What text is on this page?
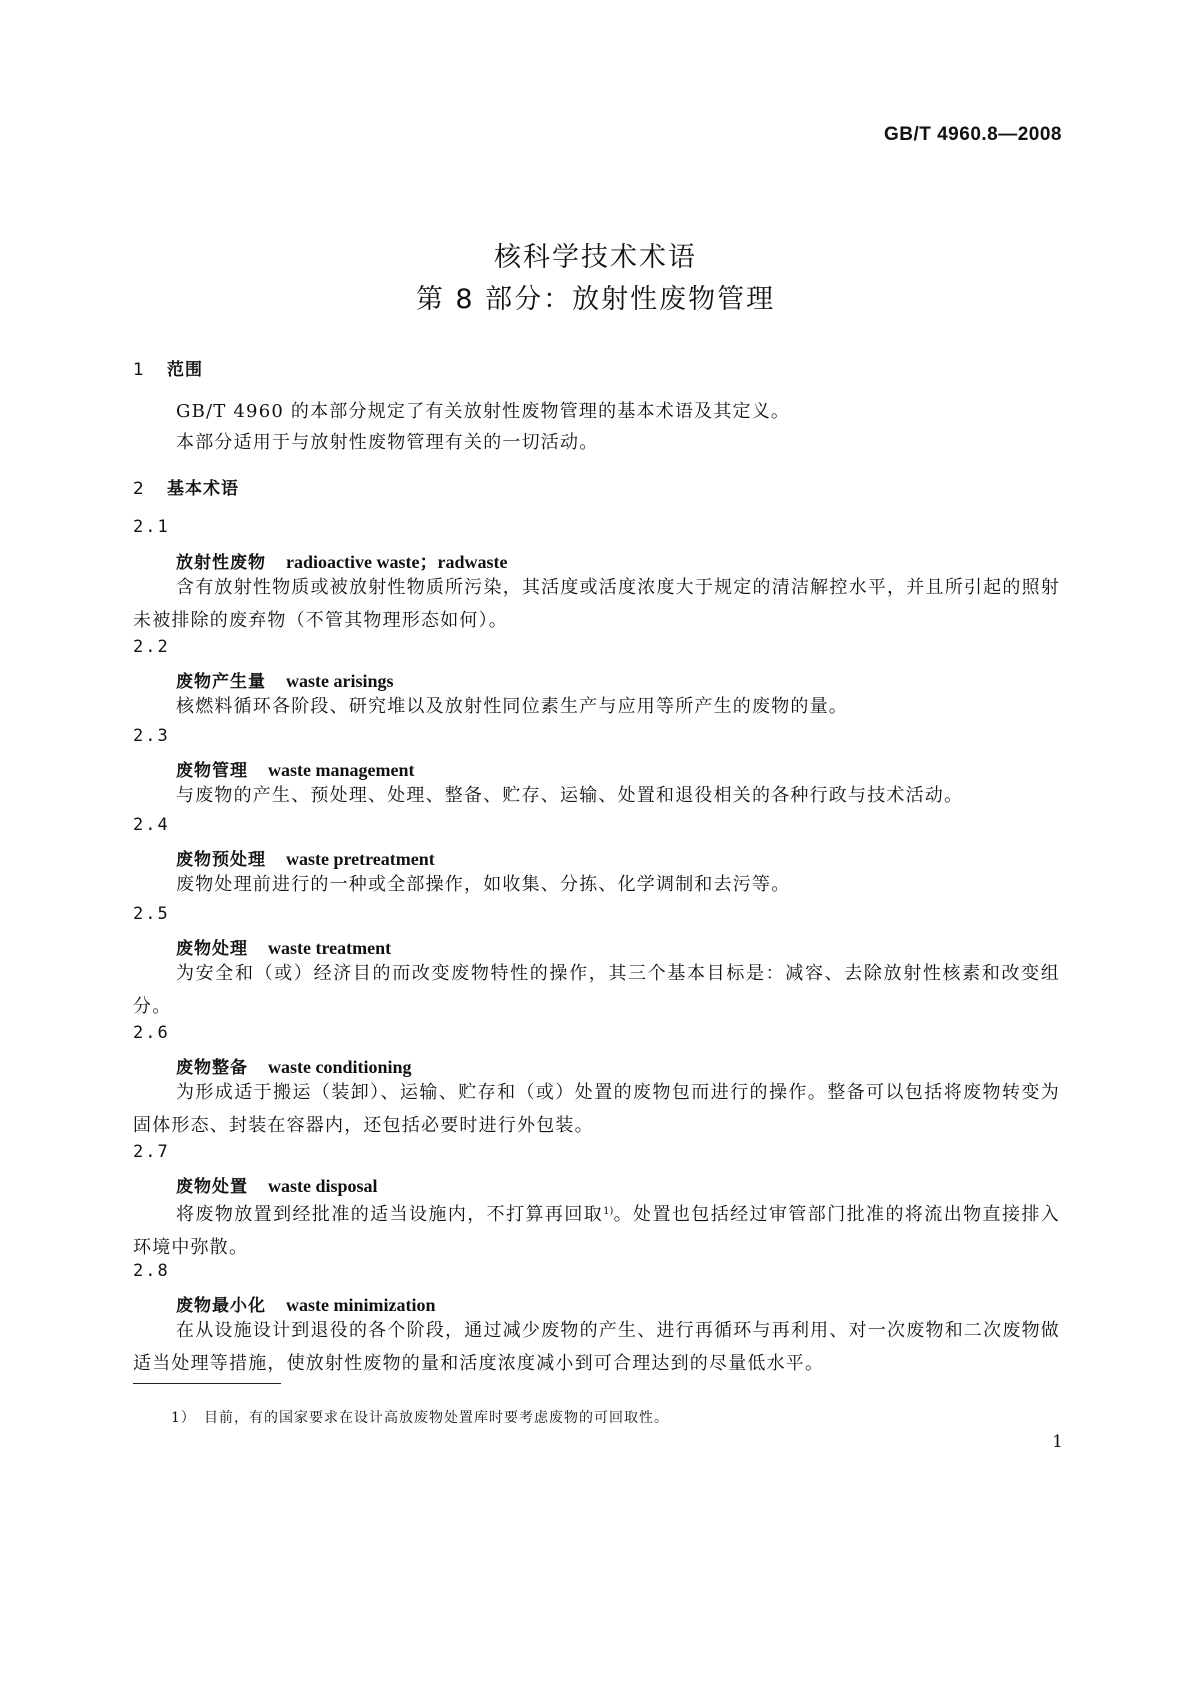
GB/T 4960.8—2008
核科学技术术语
第 8 部分：放射性废物管理
1 范围
GB/T 4960 的本部分规定了有关放射性废物管理的基本术语及其定义。
本部分适用于与放射性废物管理有关的一切活动。
2 基本术语
2.1
放射性废物 radioactive waste；radwaste
含有放射性物质或被放射性物质所污染，其活度或活度浓度大于规定的清洁解控水平，并且所引起的照射未被排除的废弃物（不管其物理形态如何）。
2.2
废物产生量 waste arisings
核燃料循环各阶段、研究堆以及放射性同位素生产与应用等所产生的废物的量。
2.3
废物管理 waste management
与废物的产生、预处理、处理、整备、贮存、运输、处置和退役相关的各种行政与技术活动。
2.4
废物预处理 waste pretreatment
废物处理前进行的一种或全部操作，如收集、分拣、化学调制和去污等。
2.5
废物处理 waste treatment
为安全和（或）经济目的而改变废物特性的操作，其三个基本目标是：减容、去除放射性核素和改变组分。
2.6
废物整备 waste conditioning
为形成适于搬运（装卸）、运输、贮存和（或）处置的废物包而进行的操作。整备可以包括将废物转变为固体形态、封装在容器内，还包括必要时进行外包装。
2.7
废物处置 waste disposal
将废物放置到经批准的适当设施内，不打算再回取$^{1)}$。处置也包括经过审管部门批准的将流出物直接排入环境中弥散。
2.8
废物最小化 waste minimization
在从设施设计到退役的各个阶段，通过减少废物的产生、进行再循环与再利用、对一次废物和二次废物做适当处理等措施，使放射性废物的量和活度浓度减小到可合理达到的尽量低水平。
1） 目前，有的国家要求在设计高放废物处置库时要考虑废物的可回取性。
1
